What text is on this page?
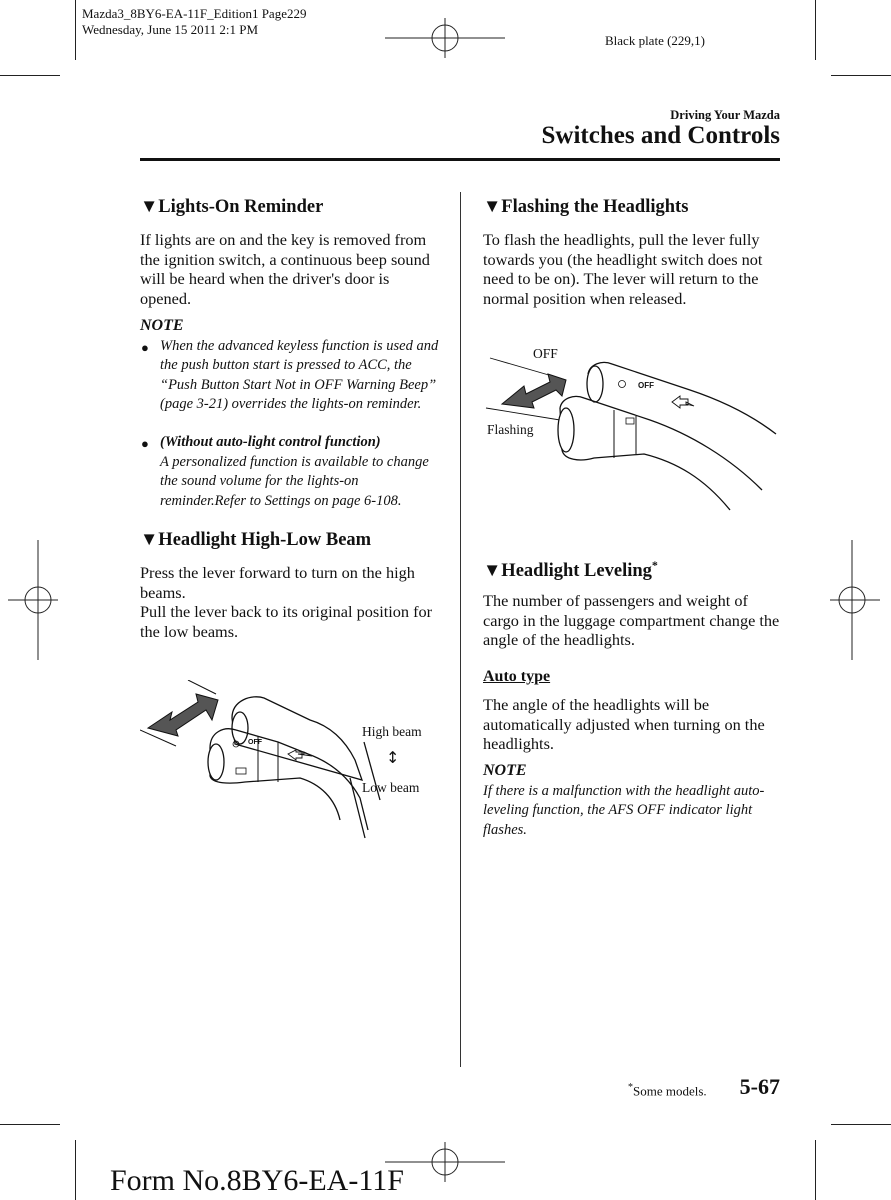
Mazda3_8BY6-EA-11F_Edition1 Page229
Wednesday, June 15 2011 2:1 PM
Black plate (229,1)
Driving Your Mazda
Switches and Controls
▼Lights-On Reminder
If lights are on and the key is removed from the ignition switch, a continuous beep sound will be heard when the driver's door is opened.
NOTE
● When the advanced keyless function is used and the push button start is pressed to ACC, the “Push Button Start Not in OFF Warning Beep” (page 3-21) overrides the lights-on reminder.
● (Without auto-light control function)
A personalized function is available to change the sound volume for the lights-on reminder.Refer to Settings on page 6-108.
▼Headlight High-Low Beam
Press the lever forward to turn on the high beams.
Pull the lever back to its original position for the low beams.
OFF
High beam
↕
Low beam
▼Flashing the Headlights
To flash the headlights, pull the lever fully towards you (the headlight switch does not need to be on). The lever will return to the normal position when released.
OFF
OFF
Flashing
▼Headlight Leveling*
The number of passengers and weight of cargo in the luggage compartment change the angle of the headlights.
Auto type
The angle of the headlights will be automatically adjusted when turning on the headlights.
NOTE
If there is a malfunction with the headlight auto-leveling function, the AFS OFF indicator light flashes.
*Some models. 5-67
Form No.8BY6-EA-11F
